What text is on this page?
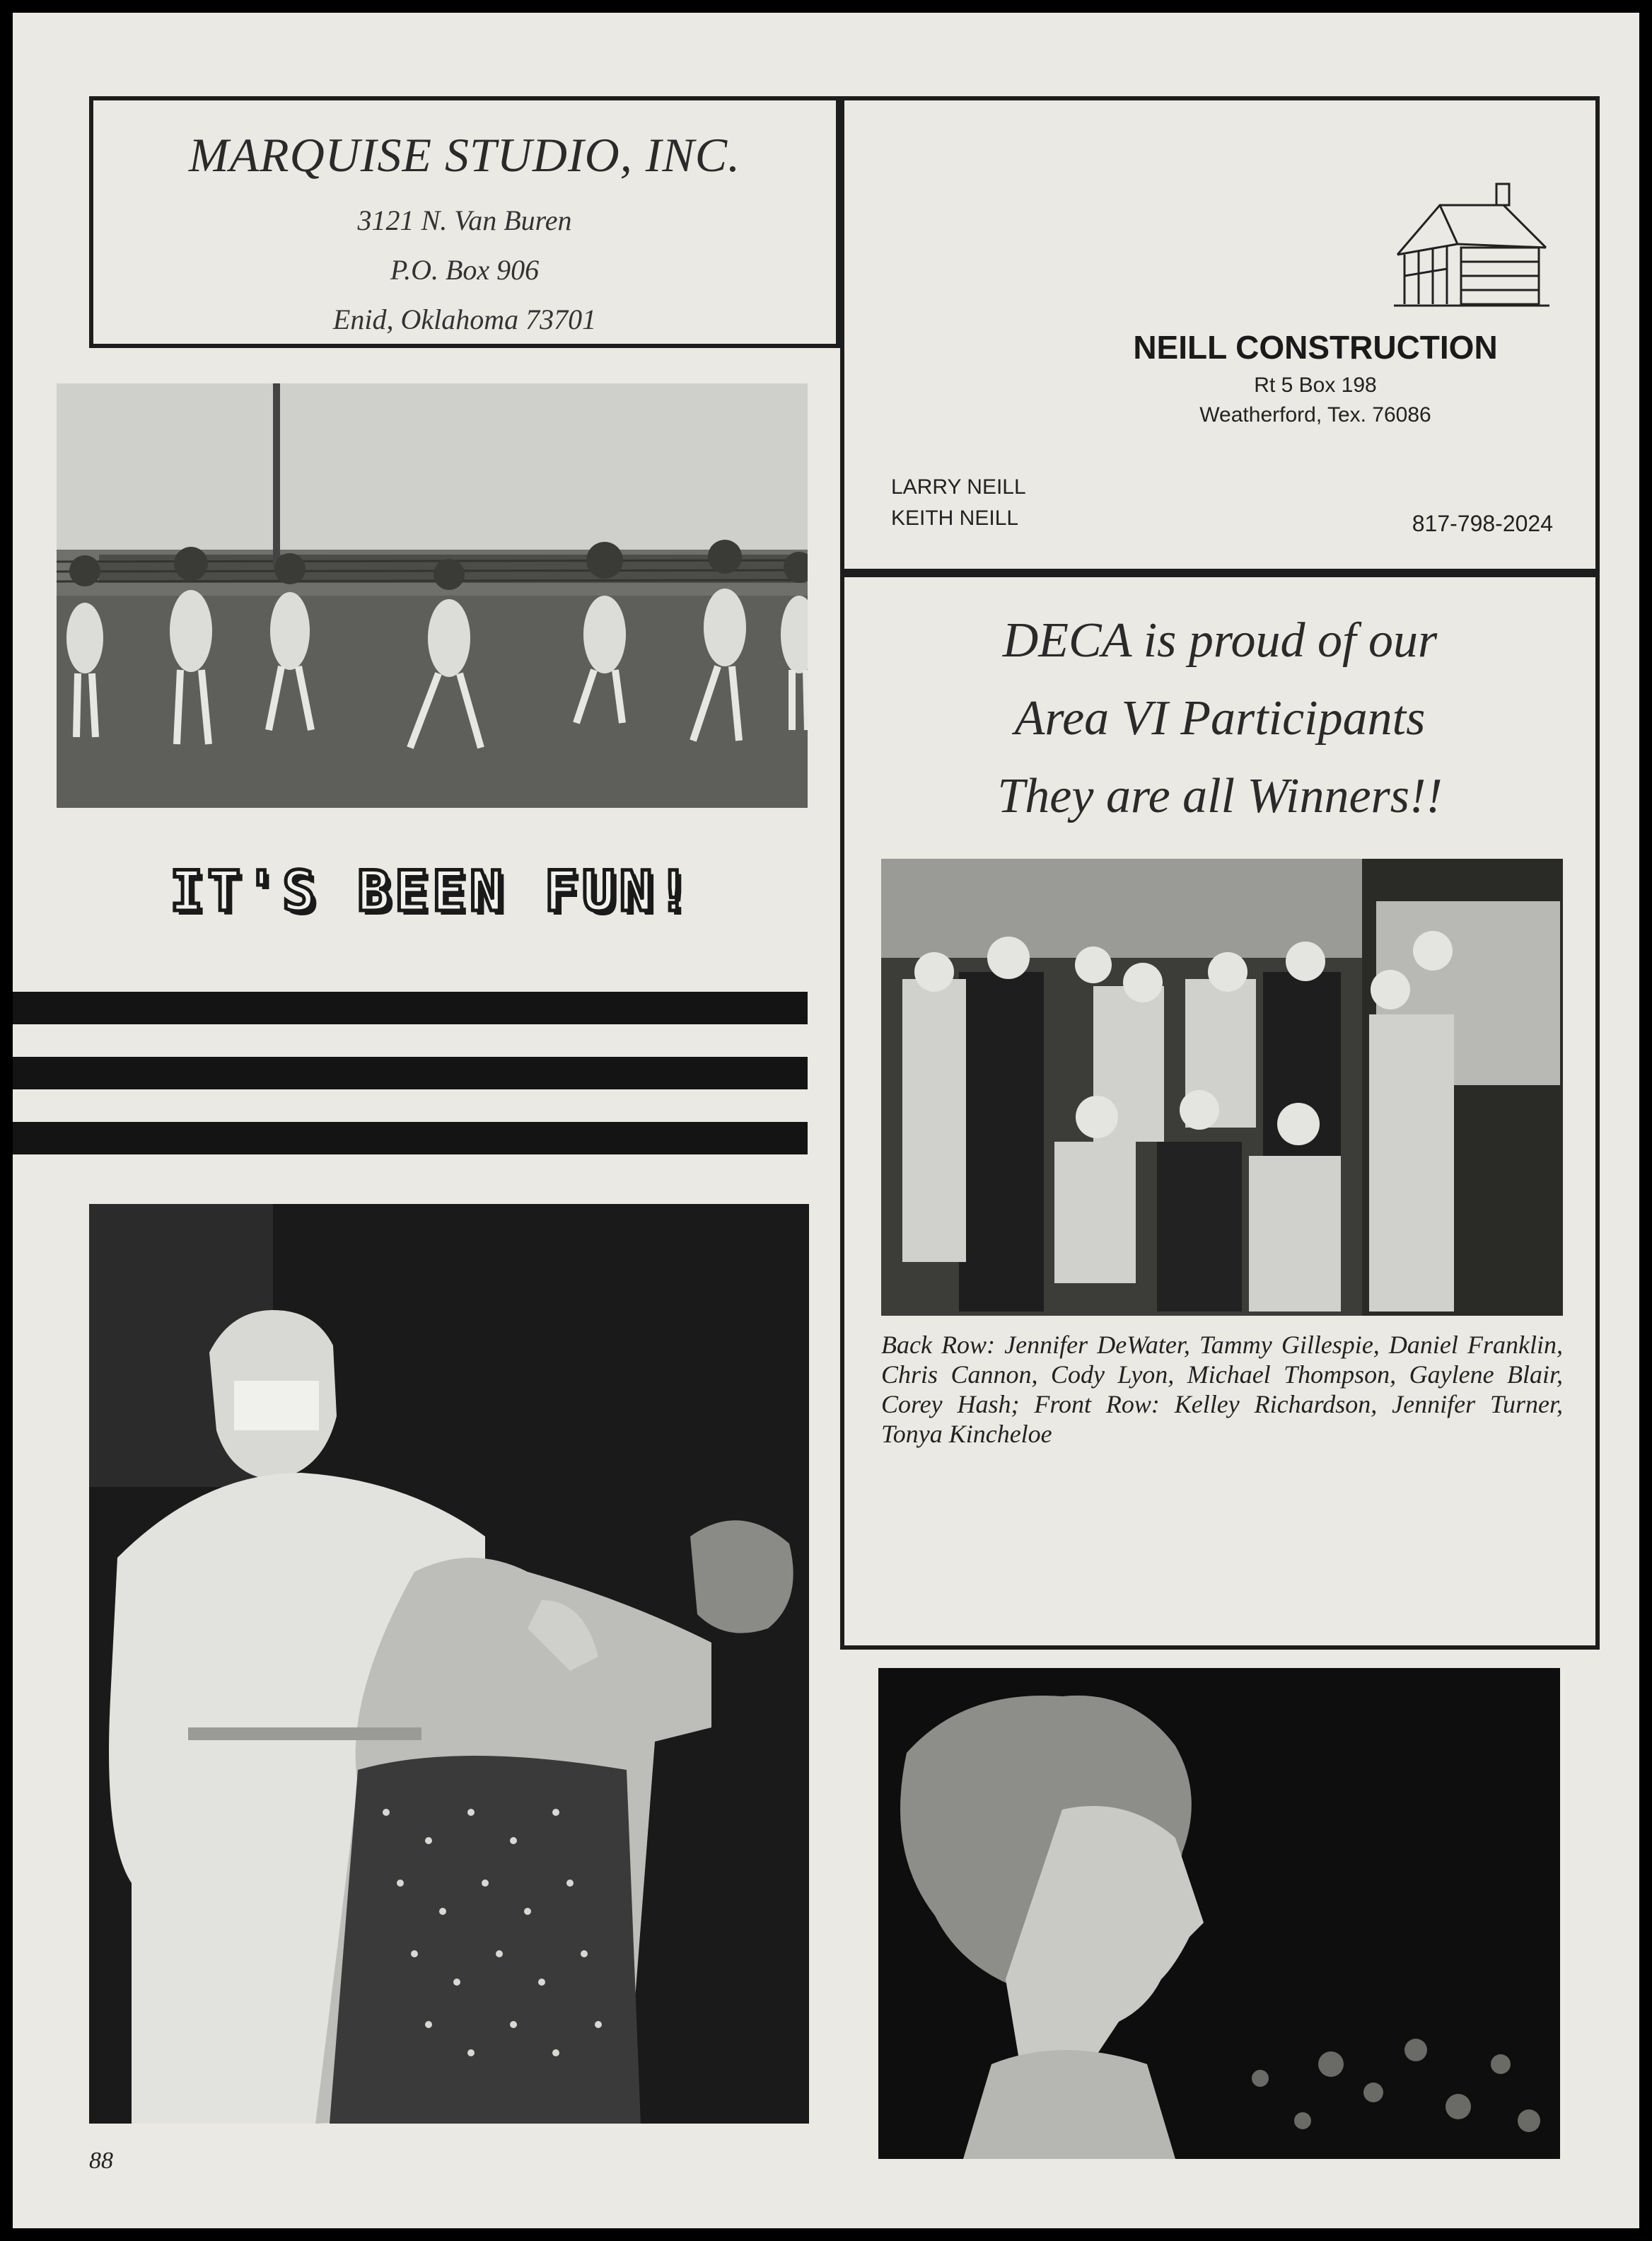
MARQUISE STUDIO, INC.
3121 N. Van Buren
P.O. Box 906
Enid, Oklahoma 73701
NEILL CONSTRUCTION
Rt 5 Box 198
Weatherford, Tex. 76086
LARRY NEILL
KEITH NEILL	817-798-2024
IT'S BEEN FUN!
DECA is proud of our
Area VI Participants
They are all Winners!!
Back Row: Jennifer DeWater, Tammy Gillespie, Daniel Franklin, Chris Cannon, Cody Lyon, Michael Thompson, Gaylene Blair, Corey Hash; Front Row: Kelley Richardson, Jennifer Turner, Tonya Kincheloe
88
